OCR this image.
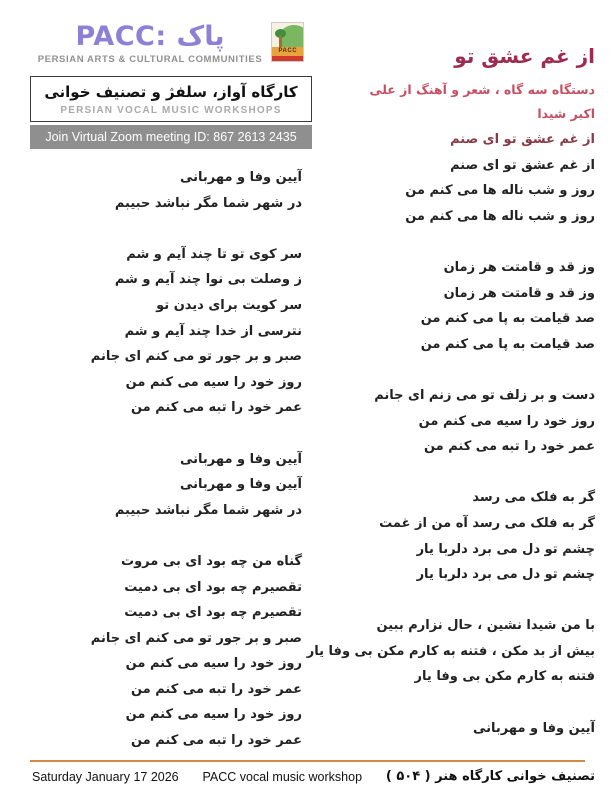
PACC: پاک
PERSIAN ARTS & CULTURAL COMMUNITIES
PACC
کارگاه آواز، سلفژ و تصنیف خوانی
PERSIAN VOCAL MUSIC WORKSHOPS
Join Virtual Zoom meeting ID: 867 2613 2435
از غم عشق تو
دستگاه سه گاه ، شعر و آهنگ از علی
اکبر شیدا
از غم عشق تو ای صنم
از غم عشق تو ای صنم
روز و شب ناله ها می کنم من
روز و شب ناله ها می کنم من
وز قد و قامتت هر زمان
وز قد و قامتت هر زمان
صد قیامت به پا می کنم من
صد قیامت به پا می کنم من
دست و بر زلف تو می زنم ای جانم
روز خود را سیه می کنم من
عمر خود را تبه می کنم من
گر به فلک می رسد
گر به فلک می رسد آه من از غمت
چشم تو دل می برد دلربا یار
چشم تو دل می برد دلربا یار
با من شیدا نشین ، حال نزارم ببین
بیش از بد مکن ، فتنه به کارم مکن بی وفا یار
فتنه به کارم مکن بی وفا یار
آیین وفا و مهربانی
آیین وفا و مهربانی
در شهر شما مگر نباشد حبیبم
سر کوی تو تا چند آیم و شم
ز وصلت بی نوا چند آیم و شم
سر کویت برای دیدن تو
نترسی از خدا چند آیم و شم
صبر و بر جور تو می کنم ای جانم
روز خود را سیه می کنم من
عمر خود را تبه می کنم من
آیین وفا و مهربانی
آیین وفا و مهربانی
در شهر شما مگر نباشد حبیبم
گناه من چه بود ای بی مروت
تقصیرم چه بود ای بی دمیت
تقصیرم چه بود ای بی دمیت
صبر و بر جور تو می کنم ای جانم
روز خود را سیه می کنم من
عمر خود را تبه می کنم من
روز خود را سیه می کنم من
عمر خود را تبه می کنم من
Saturday January 17 2026 PACC vocal music workshop تصنیف خوانی کارگاه هنر ( ۵۰۴ )
